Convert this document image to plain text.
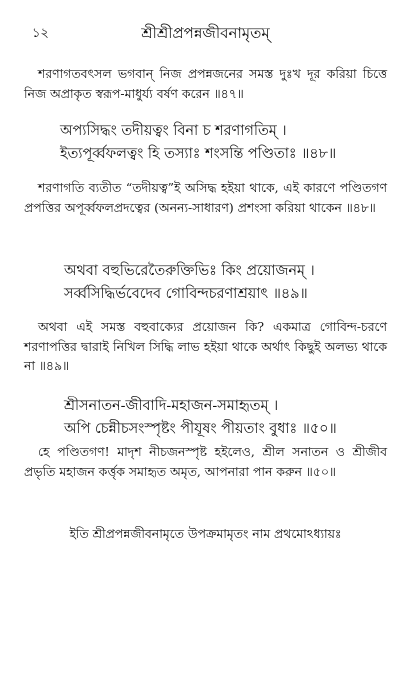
১২	শ্রীশ্রীপ্রপন্নজীবনামৃতম্

শরণাগতবৎসল ভগবান্ নিজ প্রপন্নজনের সমস্ত দুঃখ দূর করিয়া চিত্তে নিজ অপ্রাকৃত স্বরূপ-মাধুর্য্য বর্ষণ করেন ॥৪৭॥

অপ্যসিদ্ধং তদীয়ত্বং বিনা চ শরণাগতিম্ ।
ইত্যপূর্ব্বফলত্বং হি তস্যাঃ শংসন্তি পণ্ডিতাঃ ॥৪৮॥

শরণাগতি ব্যতীত “তদীয়ত্ব”ই অসিদ্ধ হইয়া থাকে, এই কারণে পণ্ডিতগণ প্রপত্তির অপূর্ব্বফলপ্রদত্বের (অনন্য-সাধারণ) প্রশংসা করিয়া থাকেন ॥৪৮॥

অথবা বহুভিরেতৈরুক্তিভিঃ কিং প্রয়োজনম্ ।
সর্ব্বসিদ্ধির্ভবেদেব গোবিন্দচরণাশ্রয়াৎ ॥৪৯॥

অথবা এই সমস্ত বহুবাক্যের প্রয়োজন কি? একমাত্র গোবিন্দ-চরণে শরণাপত্তির দ্বারাই নিখিল সিদ্ধি লাভ হইয়া থাকে অর্থাৎ কিছুই অলভ্য থাকে না ॥৪৯॥

শ্রীসনাতন-জীবাদি-মহাজন-সমাহৃতম্ ।
অপি চেন্নীচসংস্পৃষ্টং পীযূষং পীয়তাং বুধাঃ ॥৫০॥

হে পণ্ডিতগণ! মাদৃশ নীচজনস্পৃষ্ট হইলেও, শ্রীল সনাতন ও শ্রীজীব প্রভৃতি মহাজন কর্ত্তৃক সমাহৃত অমৃত, আপনারা পান করুন ॥৫০॥

ইতি শ্রীপ্রপন্নজীবনামৃতে উপক্রমামৃতং নাম প্রথমোঽধ্যায়ঃ
